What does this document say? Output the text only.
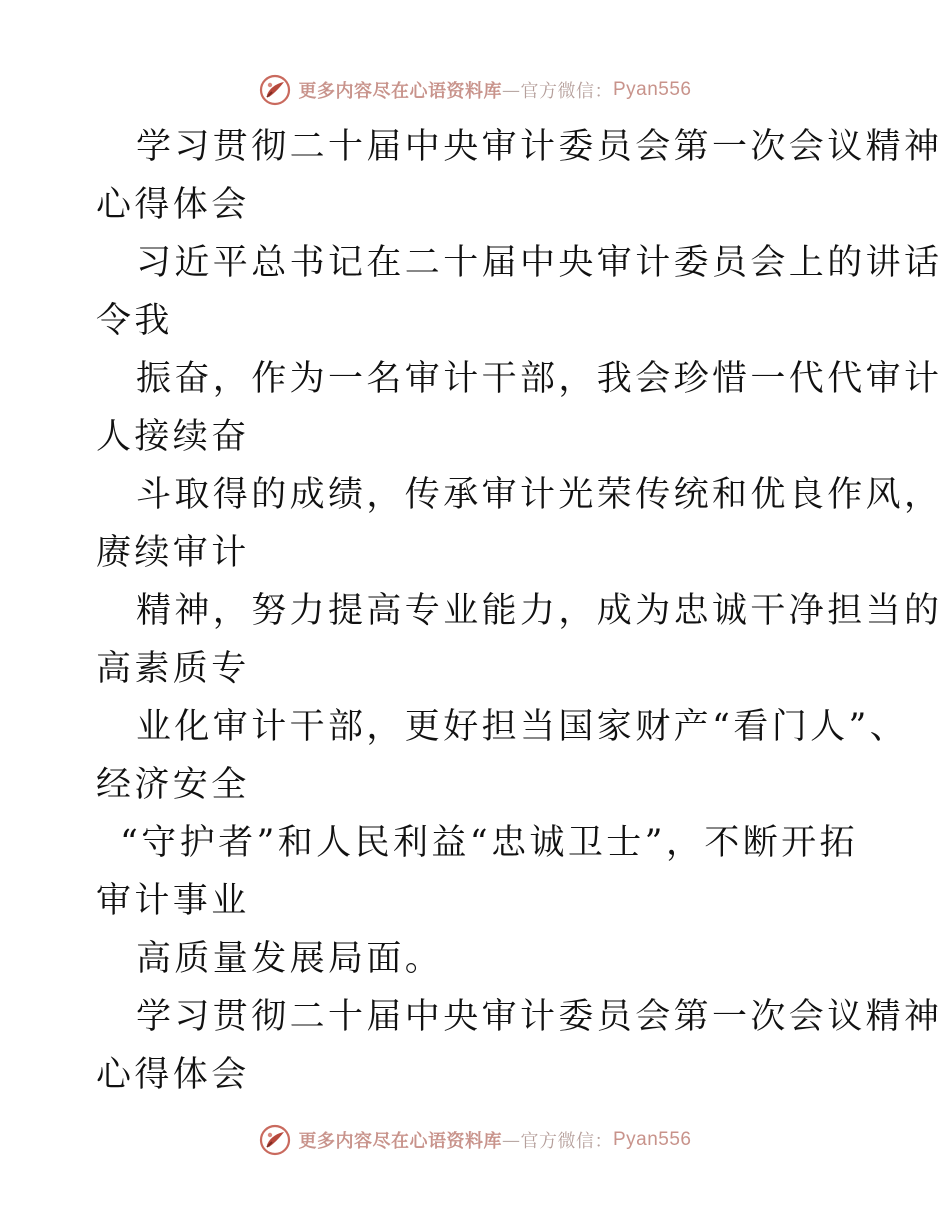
更多内容尽在心语资料库 — 官方微信： Pyan556
学习贯彻二十届中央审计委员会第一次会议精神
心得体会
习近平总书记在二十届中央审计委员会上的讲话
令我
振奋，作为一名审计干部，我会珍惜一代代审计
人接续奋
斗取得的成绩，传承审计光荣传统和优良作风，
赓续审计
精神，努力提高专业能力，成为忠诚干净担当的
高素质专
业化审计干部，更好担当国家财产“看门人”、
经济安全
“守护者”和人民利益“忠诚卫士”，不断开拓
审计事业
高质量发展局面。
学习贯彻二十届中央审计委员会第一次会议精神
心得体会
更多内容尽在心语资料库 — 官方微信： Pyan556
